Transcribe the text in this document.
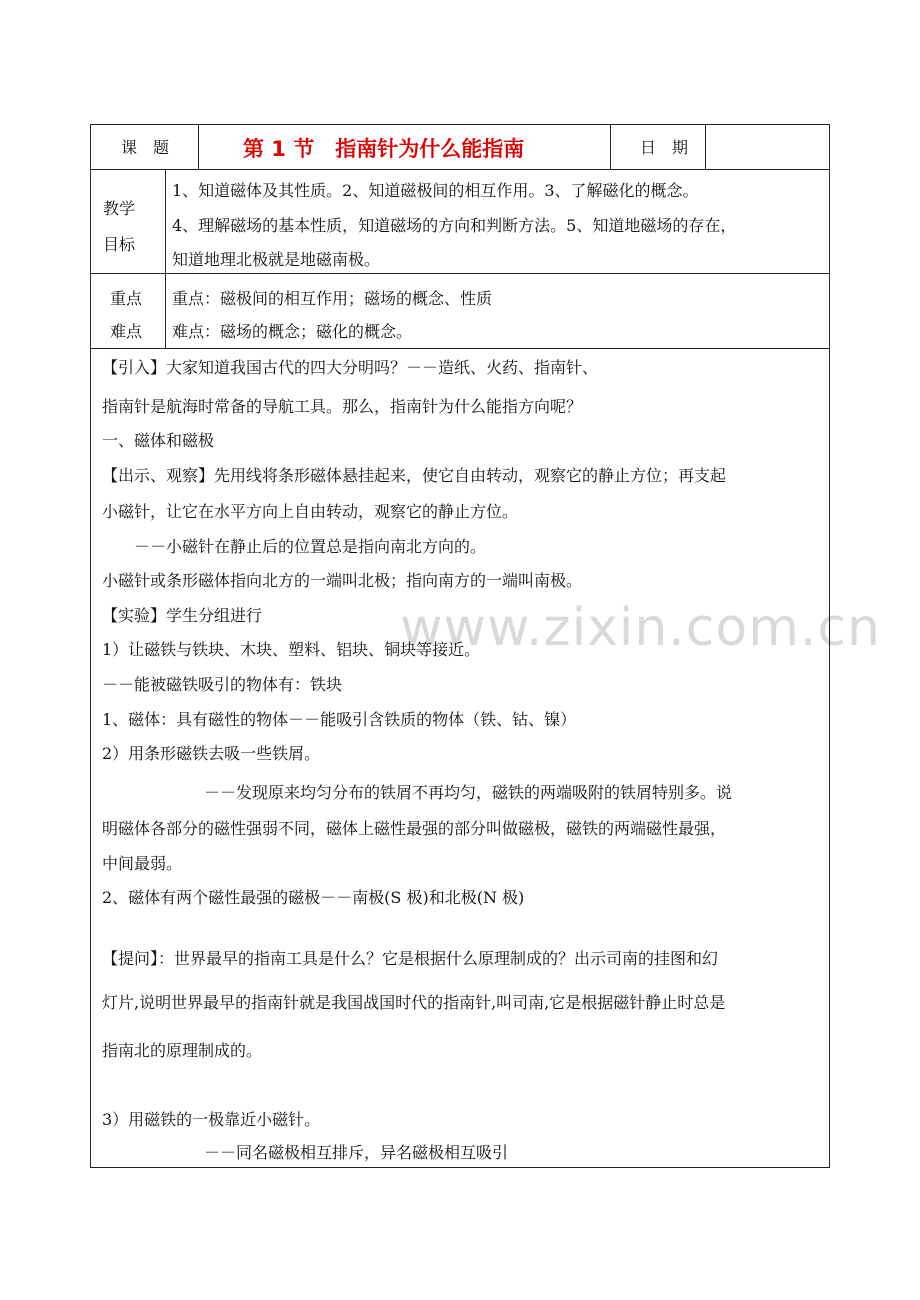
www.zixin.com.cn
课　题	第 1 节　指南针为什么能指南	日　期
教学
目标
1、知道磁体及其性质。2、知道磁极间的相互作用。3、了解磁化的概念。
4、理解磁场的基本性质，知道磁场的方向和判断方法。5、知道地磁场的存在，
知道地理北极就是地磁南极。
重点
难点
重点：磁极间的相互作用；磁场的概念、性质
难点：磁场的概念；磁化的概念。
【引入】大家知道我国古代的四大分明吗？－－造纸、火药、指南针、
指南针是航海时常备的导航工具。那么，指南针为什么能指方向呢？
一、磁体和磁极
【出示、观察】先用线将条形磁体悬挂起来，使它自由转动，观察它的静止方位；再支起
小磁针，让它在水平方向上自由转动，观察它的静止方位。
－－小磁针在静止后的位置总是指向南北方向的。
小磁针或条形磁体指向北方的一端叫北极；指向南方的一端叫南极。
【实验】学生分组进行
1）让磁铁与铁块、木块、塑料、铝块、铜块等接近。
－－能被磁铁吸引的物体有：铁块
1、磁体：具有磁性的物体－－能吸引含铁质的物体（铁、钴、镍）
2）用条形磁铁去吸一些铁屑。
－－发现原来均匀分布的铁屑不再均匀，磁铁的两端吸附的铁屑特别多。说
明磁体各部分的磁性强弱不同，磁体上磁性最强的部分叫做磁极，磁铁的两端磁性最强，
中间最弱。
2、磁体有两个磁性最强的磁极－－南极(S 极)和北极(N 极)
【提问】：世界最早的指南工具是什么？它是根据什么原理制成的？出示司南的挂图和幻
灯片,说明世界最早的指南针就是我国战国时代的指南针,叫司南,它是根据磁针静止时总是
指南北的原理制成的。
3）用磁铁的一极靠近小磁针。
－－同名磁极相互排斥，异名磁极相互吸引
